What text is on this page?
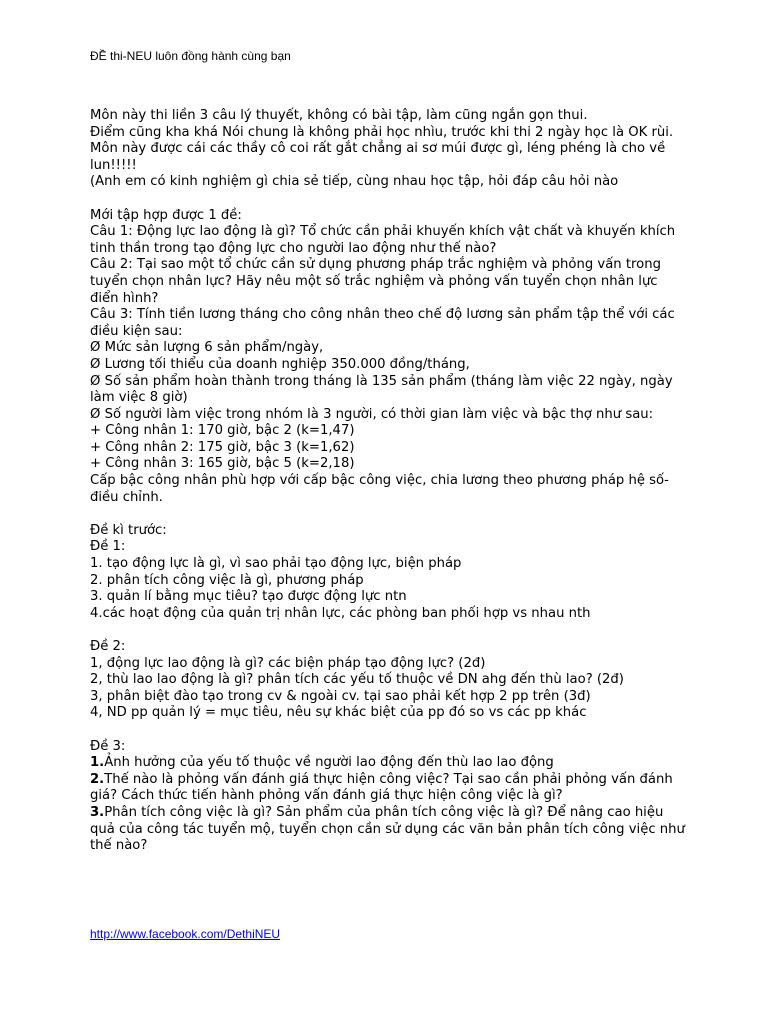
ĐỀ thi-NEU luôn đồng hành cùng bạn

Môn này thi liền 3 câu lý thuyết, không có bài tập, làm cũng ngắn gọn thui.

Điểm cũng kha khá Nói chung là không phải học nhìu, trước khi thi 2 ngày học là OK rùi.

Môn này được cái các thầy cô coi rất gắt chẳng ai sơ múi được gì, léng phéng là cho về lun!!!!!

(Anh em có kinh nghiệm gì chia sẻ tiếp, cùng nhau học tập, hỏi đáp câu hỏi nào

Mới tập hợp được 1 đề:

Câu 1: Động lực lao động là gì? Tổ chức cần phải khuyến khích vật chất và khuyến khích tinh thần trong tạo động lực cho người lao động như thế nào?

Câu 2: Tại sao một tổ chức cần sử dụng phương pháp trắc nghiệm và phỏng vấn trong tuyển chọn nhân lực? Hãy nêu một số trắc nghiệm và phỏng vấn tuyển chọn nhân lực điển hình?

Câu 3: Tính tiền lương tháng cho công nhân theo chế độ lương sản phẩm tập thể với các điều kiện sau:

Ø Mức sản lượng 6 sản phẩm/ngày,

Ø Lương tối thiểu của doanh nghiệp 350.000 đồng/tháng,

Ø Số sản phẩm hoàn thành trong tháng là 135 sản phẩm (tháng làm việc 22 ngày, ngày làm việc 8 giờ)

Ø Số người làm việc trong nhóm là 3 người, có thời gian làm việc và bậc thợ như sau:

+ Công nhân 1: 170 giờ, bậc 2 (k=1,47)

+ Công nhân 2: 175 giờ, bậc 3 (k=1,62)

+ Công nhân 3: 165 giờ, bậc 5 (k=2,18)

Cấp bậc công nhân phù hợp với cấp bậc công việc, chia lương theo phương pháp hệ số- điều chỉnh.

Đề kì trước:

Đề 1:

1. tạo động lực là gì, vì sao phải tạo động lực, biện pháp

2. phân tích công việc là gì, phương pháp

3. quản lí bằng mục tiêu? tạo được động lực ntn

4.các hoạt động của quản trị nhân lực, các phòng ban phối hợp vs nhau nth

Đề 2:

1, động lực lao động là gì? các biện pháp tạo động lực? (2đ)

2, thù lao lao động là gì? phân tích các yếu tố thuộc về DN ahg đến thù lao? (2đ)

3, phân biệt đào tạo trong cv & ngoài cv. tại sao phải kết hợp 2 pp trên (3đ)

4, ND pp quản lý = mục tiêu, nêu sự khác biệt của pp đó so vs các pp khác

Đề 3:

1.Ảnh hưởng của yếu tố thuộc về người lao động đến thù lao lao động

2.Thế nào là phỏng vấn đánh giá thực hiện công việc? Tại sao cần phải phỏng vấn đánh giá? Cách thức tiến hành phỏng vấn đánh giá thực hiện công việc là gì?

3.Phân tích công việc là gì? Sản phẩm của phân tích công việc là gì? Để nâng cao hiệu quả của công tác tuyển mộ, tuyển chọn cần sử dụng các văn bản phân tích công việc như thế nào?

http://www.facebook.com/DethiNEU
